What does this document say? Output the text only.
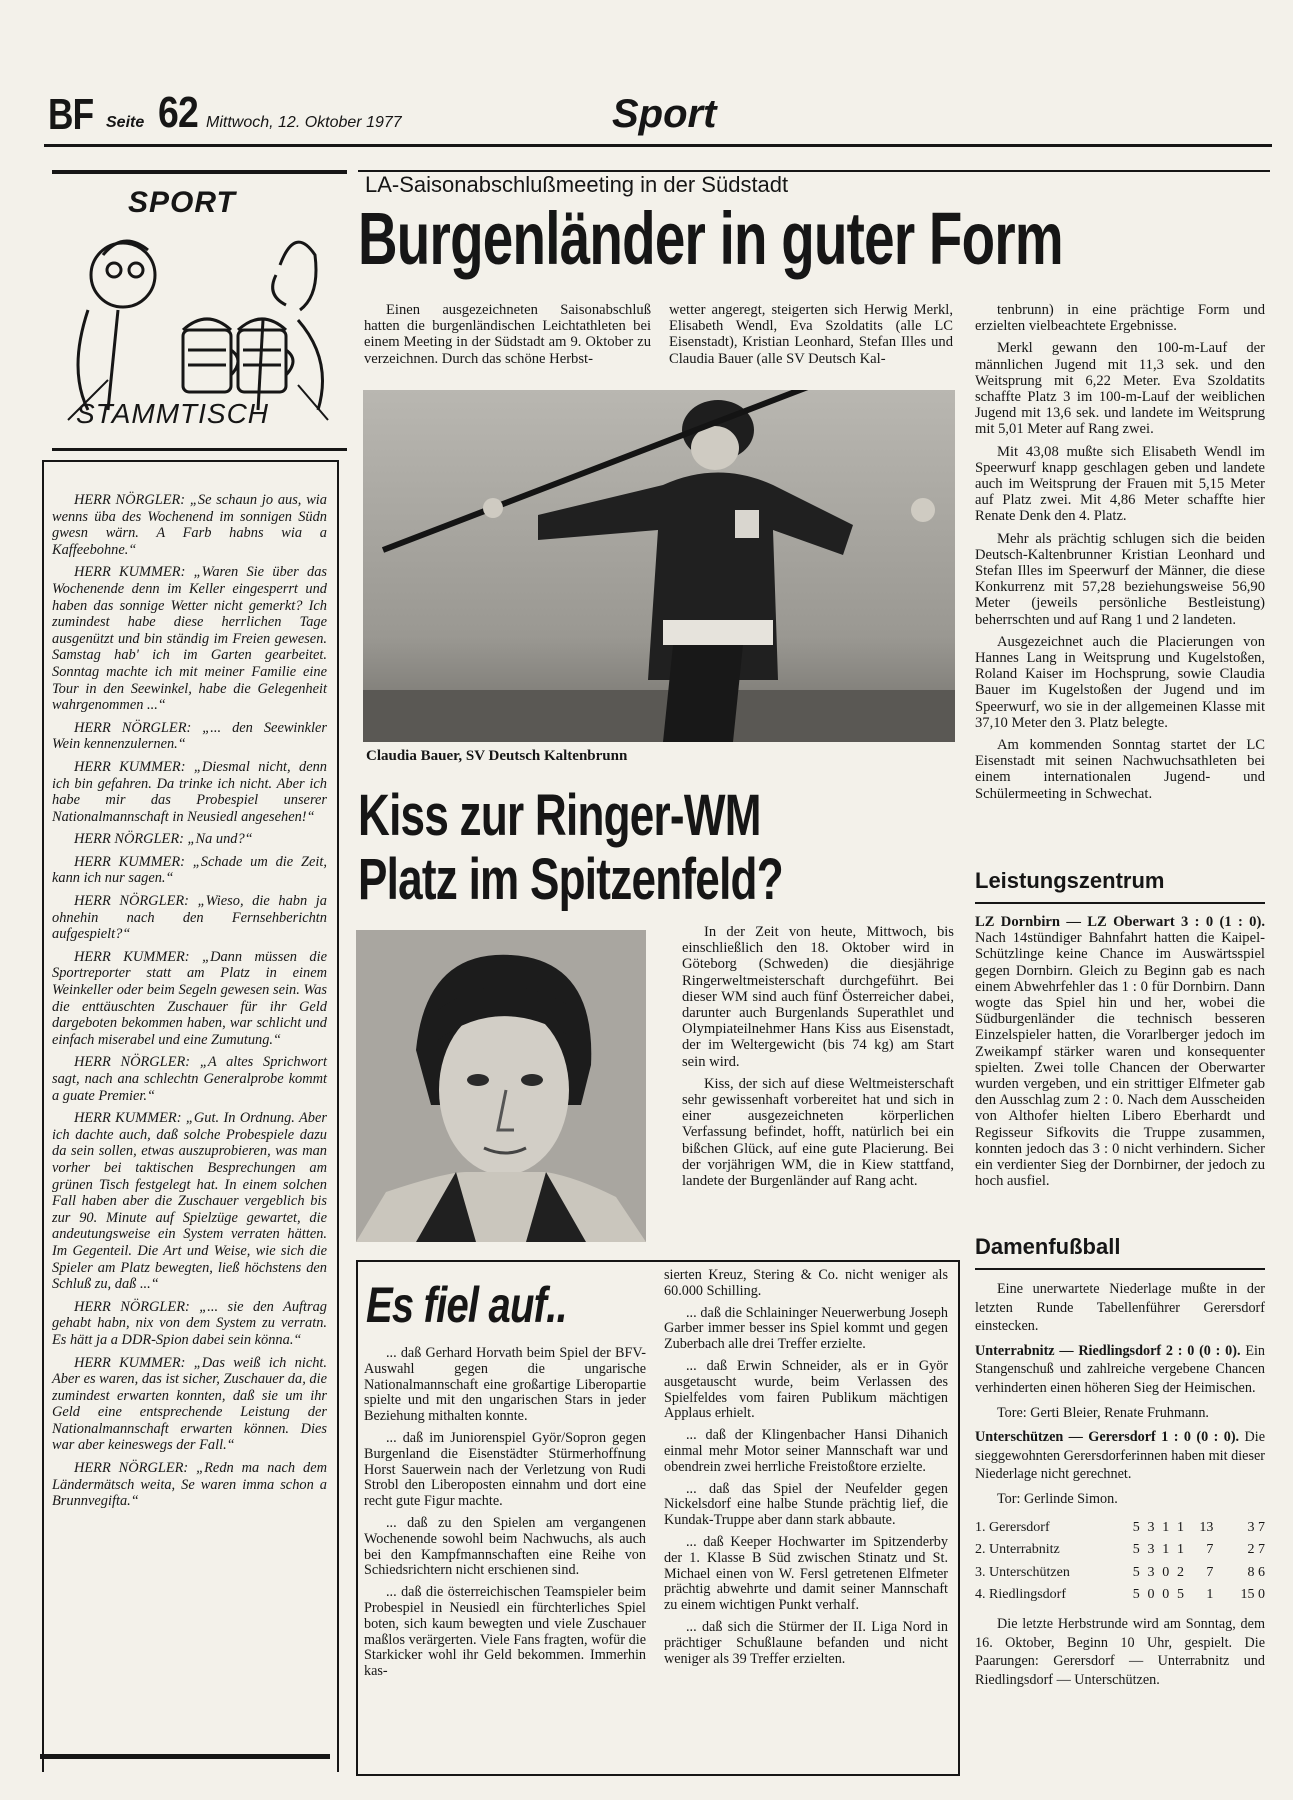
BF Seite 62 Mittwoch, 12. Oktober 1977	Sport
SPORT
STAMMTISCH

HERR NÖRGLER: „Se schaun jo aus, wia wenns üba des Wochenend im sonnigen Südn gwesn wärn. A Farb habns wia a Kaffeebohne.“

HERR KUMMER: „Waren Sie über das Wochenende denn im Keller eingesperrt und haben das sonnige Wetter nicht gemerkt? Ich zumindest habe diese herrlichen Tage ausgenützt und bin ständig im Freien gewesen. Samstag hab' ich im Garten gearbeitet. Sonntag machte ich mit meiner Familie eine Tour in den Seewinkel, habe die Gelegenheit wahrgenommen ...“

HERR NÖRGLER: „... den Seewinkler Wein kennenzulernen.“

HERR KUMMER: „Diesmal nicht, denn ich bin gefahren. Da trinke ich nicht. Aber ich habe mir das Probespiel unserer Nationalmannschaft in Neusiedl angesehen!“

HERR NÖRGLER: „Na und?“

HERR KUMMER: „Schade um die Zeit, kann ich nur sagen.“

HERR NÖRGLER: „Wieso, die habn ja ohnehin nach den Fernsehberichtn aufgespielt?“

HERR KUMMER: „Dann müssen die Sportreporter statt am Platz in einem Weinkeller oder beim Segeln gewesen sein. Was die enttäuschten Zuschauer für ihr Geld dargeboten bekommen haben, war schlicht und einfach miserabel und eine Zumutung.“

HERR NÖRGLER: „A altes Sprichwort sagt, nach ana schlechtn Generalprobe kommt a guate Premier.“

HERR KUMMER: „Gut. In Ordnung. Aber ich dachte auch, daß solche Probespiele dazu da sein sollen, etwas auszuprobieren, was man vorher bei taktischen Besprechungen am grünen Tisch festgelegt hat. In einem solchen Fall haben aber die Zuschauer vergeblich bis zur 90. Minute auf Spielzüge gewartet, die andeutungsweise ein System verraten hätten. Im Gegenteil. Die Art und Weise, wie sich die Spieler am Platz bewegten, ließ höchstens den Schluß zu, daß ...“

HERR NÖRGLER: „... sie den Auftrag gehabt habn, nix von dem System zu verratn. Es hätt ja a DDR-Spion dabei sein könna.“

HERR KUMMER: „Das weiß ich nicht. Aber es waren, das ist sicher, Zuschauer da, die zumindest erwarten konnten, daß sie um ihr Geld eine entsprechende Leistung der Nationalmannschaft erwarten können. Dies war aber keineswegs der Fall.“

HERR NÖRGLER: „Redn ma nach dem Ländermätsch weita, Se waren imma schon a Brunnvegifta.“

LA-Saisonabschlußmeeting in der Südstadt
Burgenländer in guter Form

Einen ausgezeichneten Saisonabschluß hatten die burgenländischen Leichtathleten bei einem Meeting in der Südstadt am 9. Oktober zu verzeichnen. Durch das schöne Herbst-

wetter angeregt, steigerten sich Herwig Merkl, Elisabeth Wendl, Eva Szoldatits (alle LC Eisenstadt), Kristian Leonhard, Stefan Illes und Claudia Bauer (alle SV Deutsch Kal-

Claudia Bauer, SV Deutsch Kaltenbrunn

tenbrunn) in eine prächtige Form und erzielten vielbeachtete Ergebnisse.

Merkl gewann den 100-m-Lauf der männlichen Jugend mit 11,3 sek. und den Weitsprung mit 6,22 Meter. Eva Szoldatits schaffte Platz 3 im 100-m-Lauf der weiblichen Jugend mit 13,6 sek. und landete im Weitsprung mit 5,01 Meter auf Rang zwei.

Mit 43,08 mußte sich Elisabeth Wendl im Speerwurf knapp geschlagen geben und landete auch im Weitsprung der Frauen mit 5,15 Meter auf Platz zwei. Mit 4,86 Meter schaffte hier Renate Denk den 4. Platz.

Mehr als prächtig schlugen sich die beiden Deutsch-Kaltenbrunner Kristian Leonhard und Stefan Illes im Speerwurf der Männer, die diese Konkurrenz mit 57,28 beziehungsweise 56,90 Meter (jeweils persönliche Bestleistung) beherrschten und auf Rang 1 und 2 landeten.

Ausgezeichnet auch die Placierungen von Hannes Lang in Weitsprung und Kugelstoßen, Roland Kaiser im Hochsprung, sowie Claudia Bauer im Kugelstoßen der Jugend und im Speerwurf, wo sie in der allgemeinen Klasse mit 37,10 Meter den 3. Platz belegte.

Am kommenden Sonntag startet der LC Eisenstadt mit seinen Nachwuchsathleten bei einem internationalen Jugend- und Schülermeeting in Schwechat.

Kiss zur Ringer-WM
Platz im Spitzenfeld?

In der Zeit von heute, Mittwoch, bis einschließlich den 18. Oktober wird in Göteborg (Schweden) die diesjährige Ringerweltmeisterschaft durchgeführt. Bei dieser WM sind auch fünf Österreicher dabei, darunter auch Burgenlands Superathlet und Olympiateilnehmer Hans Kiss aus Eisenstadt, der im Weltergewicht (bis 74 kg) am Start sein wird.

Kiss, der sich auf diese Weltmeisterschaft sehr gewissenhaft vorbereitet hat und sich in einer ausgezeichneten körperlichen Verfassung befindet, hofft, natürlich bei ein bißchen Glück, auf eine gute Placierung. Bei der vorjährigen WM, die in Kiew stattfand, landete der Burgenländer auf Rang acht.

Es fiel auf..

... daß Gerhard Horvath beim Spiel der BFV-Auswahl gegen die ungarische Nationalmannschaft eine großartige Liberopartie spielte und mit den ungarischen Stars in jeder Beziehung mithalten konnte.

... daß im Juniorenspiel Györ/Sopron gegen Burgenland die Eisenstädter Stürmerhoffnung Horst Sauerwein nach der Verletzung von Rudi Strobl den Liberoposten einnahm und dort eine recht gute Figur machte.

... daß zu den Spielen am vergangenen Wochenende sowohl beim Nachwuchs, als auch bei den Kampfmannschaften eine Reihe von Schiedsrichtern nicht erschienen sind.

... daß die österreichischen Teamspieler beim Probespiel in Neusiedl ein fürchterliches Spiel boten, sich kaum bewegten und viele Zuschauer maßlos verärgerten. Viele Fans fragten, wofür die Starkicker wohl ihr Geld bekommen. Immerhin kas-

sierten Kreuz, Stering & Co. nicht weniger als 60.000 Schilling.

... daß die Schlaininger Neuerwerbung Joseph Garber immer besser ins Spiel kommt und gegen Zuberbach alle drei Treffer erzielte.

... daß Erwin Schneider, als er in Györ ausgetauscht wurde, beim Verlassen des Spielfeldes vom fairen Publikum mächtigen Applaus erhielt.

... daß der Klingenbacher Hansi Dihanich einmal mehr Motor seiner Mannschaft war und obendrein zwei herrliche Freistoßtore erzielte.

... daß das Spiel der Neufelder gegen Nickelsdorf eine halbe Stunde prächtig lief, die Kundak-Truppe aber dann stark abbaute.

... daß Keeper Hochwarter im Spitzenderby der 1. Klasse B Süd zwischen Stinatz und St. Michael einen von W. Fersl getretenen Elfmeter prächtig abwehrte und damit seiner Mannschaft zu einem wichtigen Punkt verhalf.

... daß sich die Stürmer der II. Liga Nord in prächtiger Schußlaune befanden und nicht weniger als 39 Treffer erzielten.

Leistungszentrum

LZ Dornbirn — LZ Oberwart 3 : 0 (1 : 0). Nach 14stündiger Bahnfahrt hatten die Kaipel-Schützlinge keine Chance im Auswärtsspiel gegen Dornbirn. Gleich zu Beginn gab es nach einem Abwehrfehler das 1 : 0 für Dornbirn. Dann wogte das Spiel hin und her, wobei die Südburgenländer die technisch besseren Einzelspieler hatten, die Vorarlberger jedoch im Zweikampf stärker waren und konsequenter spielten. Zwei tolle Chancen der Oberwarter wurden vergeben, und ein strittiger Elfmeter gab den Ausschlag zum 2 : 0. Nach dem Ausscheiden von Althofer hielten Libero Eberhardt und Regisseur Sifkovits die Truppe zusammen, konnten jedoch das 3 : 0 nicht verhindern. Sicher ein verdienter Sieg der Dornbirner, der jedoch zu hoch ausfiel.

Damenfußball

Eine unerwartete Niederlage mußte in der letzten Runde Tabellenführer Gerersdorf einstecken.

Unterrabnitz — Riedlingsdorf 2 : 0 (0 : 0). Ein Stangenschuß und zahlreiche vergebene Chancen verhinderten einen höheren Sieg der Heimischen.

Tore: Gerti Bleier, Renate Fruhmann.

Unterschützen — Gerersdorf 1 : 0 (0 : 0). Die sieggewohnten Gerersdorferinnen haben mit dieser Niederlage nicht gerechnet.

Tor: Gerlinde Simon.

1. Gerersdorf	5	3	1	1	13	3 7
2. Unterrabnitz	5	3	1	1	7	2 7
3. Unterschützen	5	3	0	2	7	8 6
4. Riedlingsdorf	5	0	0	5	1	15 0

Die letzte Herbstrunde wird am Sonntag, dem 16. Oktober, Beginn 10 Uhr, gespielt. Die Paarungen: Gerersdorf — Unterrabnitz und Riedlingsdorf — Unterschützen.
